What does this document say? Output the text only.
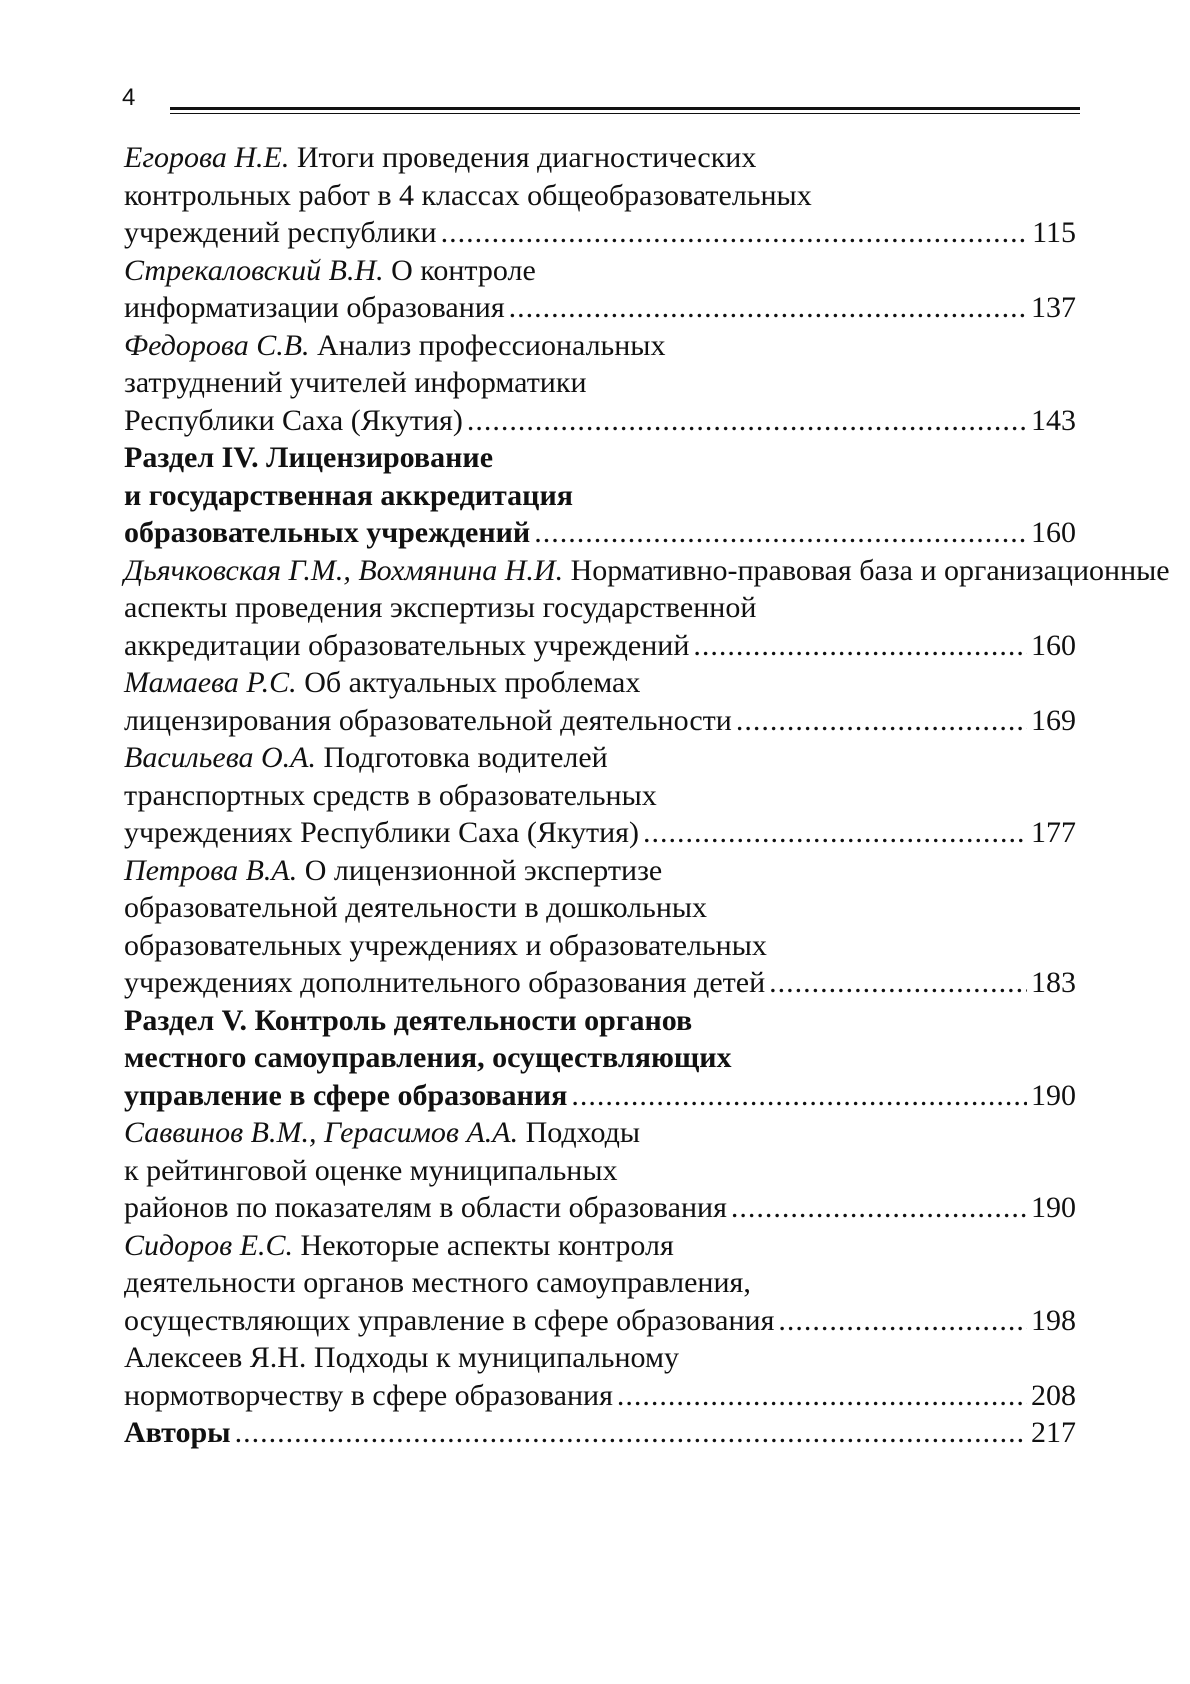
4
Егорова Н.Е. Итоги проведения диагностических
контрольных работ в 4 классах общеобразовательных
учреждений республики .....	115
Стрекаловский В.Н. О контроле
информатизации образования .....	137
Федорова С.В. Анализ профессиональных
затруднений учителей информатики
Республики Саха (Якутия) .....	143
Раздел IV. Лицензирование
и государственная аккредитация
образовательных учреждений .....	160
Дьячковская Г.М., Вохмянина Н.И. Нормативно-правовая база и организационные
аспекты проведения экспертизы государственной
аккредитации образовательных учреждений .....	160
Мамаева Р.С. Об актуальных проблемах
лицензирования образовательной деятельности .....	169
Васильева О.А. Подготовка водителей
транспортных средств в образовательных
учреждениях Республики Саха (Якутия) .....	177
Петрова В.А. О лицензионной экспертизе
образовательной деятельности в дошкольных
образовательных учреждениях и образовательных
учреждениях дополнительного образования детей .....	183
Раздел V. Контроль деятельности органов
местного самоуправления, осуществляющих
управление в сфере образования .....	190
Саввинов В.М., Герасимов А.А. Подходы
к рейтинговой оценке муниципальных
районов по показателям в области образования .....	190
Сидоров Е.С. Некоторые аспекты контроля
деятельности органов местного самоуправления,
осуществляющих управление в сфере образования .....	198
Алексеев Я.Н. Подходы к муниципальному
нормотворчеству в сфере образования .....	208
Авторы .....	217
